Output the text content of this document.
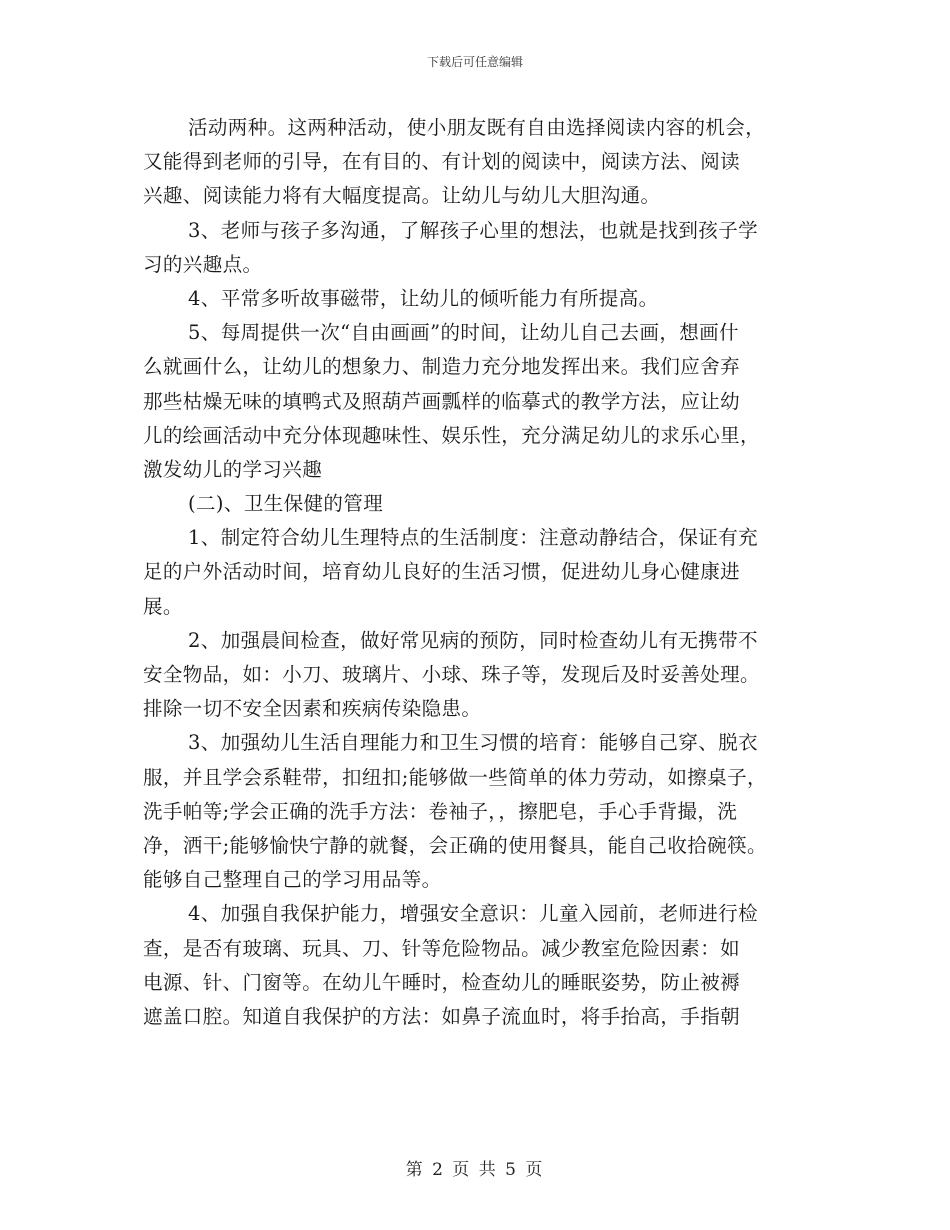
下载后可任意编辑
活动两种。这两种活动，使小朋友既有自由选择阅读内容的机会，
又能得到老师的引导，在有目的、有计划的阅读中，阅读方法、阅读
兴趣、阅读能力将有大幅度提高。让幼儿与幼儿大胆沟通。
3、老师与孩子多沟通，了解孩子心里的想法，也就是找到孩子学
习的兴趣点。
4、平常多听故事磁带，让幼儿的倾听能力有所提高。
5、每周提供一次“自由画画”的时间，让幼儿自己去画，想画什
么就画什么，让幼儿的想象力、制造力充分地发挥出来。我们应舍弃
那些枯燥无味的填鸭式及照葫芦画瓢样的临摹式的教学方法，应让幼
儿的绘画活动中充分体现趣味性、娱乐性，充分满足幼儿的求乐心里，
激发幼儿的学习兴趣
(二)、卫生保健的管理
1、制定符合幼儿生理特点的生活制度：注意动静结合，保证有充
足的户外活动时间，培育幼儿良好的生活习惯，促进幼儿身心健康进
展。
2、加强晨间检查，做好常见病的预防，同时检查幼儿有无携带不
安全物品，如：小刀、玻璃片、小球、珠子等，发现后及时妥善处理。
排除一切不安全因素和疾病传染隐患。
3、加强幼儿生活自理能力和卫生习惯的培育：能够自己穿、脱衣
服，并且学会系鞋带，扣纽扣;能够做一些简单的体力劳动，如擦桌子，
洗手帕等;学会正确的洗手方法：卷袖子，，擦肥皂，手心手背撮，洗
净，洒干;能够愉快宁静的就餐，会正确的使用餐具，能自己收拾碗筷。
能够自己整理自己的学习用品等。
4、加强自我保护能力，增强安全意识：儿童入园前，老师进行检
查，是否有玻璃、玩具、刀、针等危险物品。减少教室危险因素：如
电源、针、门窗等。在幼儿午睡时，检查幼儿的睡眠姿势，防止被褥
遮盖口腔。知道自我保护的方法：如鼻子流血时，将手抬高，手指朝
第 2 页 共 5 页
